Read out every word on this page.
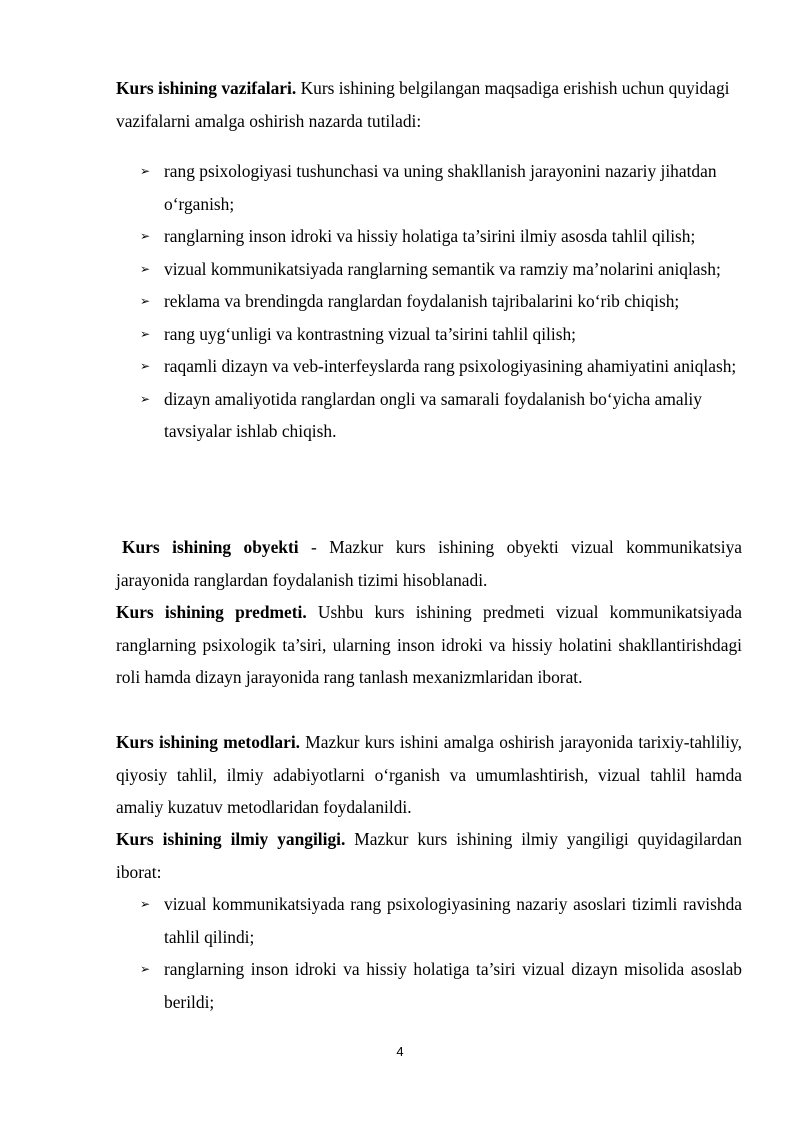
Kurs ishining vazifalari. Kurs ishining belgilangan maqsadiga erishish uchun quyidagi vazifalarni amalga oshirish nazarda tutiladi:

➢ rang psixologiyasi tushunchasi va uning shakllanish jarayonini nazariy jihatdan o‘rganish;
➢ ranglarning inson idroki va hissiy holatiga ta’sirini ilmiy asosda tahlil qilish;
➢ vizual kommunikatsiyada ranglarning semantik va ramziy ma’nolarini aniqlash;
➢ reklama va brendingda ranglardan foydalanish tajribalarini ko‘rib chiqish;
➢ rang uyg‘unligi va kontrastning vizual ta’sirini tahlil qilish;
➢ raqamli dizayn va veb-interfeyslarda rang psixologiyasining ahamiyatini aniqlash;
➢ dizayn amaliyotida ranglardan ongli va samarali foydalanish bo‘yicha amaliy tavsiyalar ishlab chiqish.

Kurs ishining obyekti - Mazkur kurs ishining obyekti vizual kommunikatsiya jarayonida ranglardan foydalanish tizimi hisoblanadi.

Kurs ishining predmeti. Ushbu kurs ishining predmeti vizual kommunikatsiyada ranglarning psixologik ta’siri, ularning inson idroki va hissiy holatini shakllantirishdagi roli hamda dizayn jarayonida rang tanlash mexanizmlaridan iborat.

Kurs ishining metodlari. Mazkur kurs ishini amalga oshirish jarayonida tarixiy-tahliliy, qiyosiy tahlil, ilmiy adabiyotlarni o‘rganish va umumlashtirish, vizual tahlil hamda amaliy kuzatuv metodlaridan foydalanildi.

Kurs ishining ilmiy yangiligi. Mazkur kurs ishining ilmiy yangiligi quyidagilardan iborat:

➢ vizual kommunikatsiyada rang psixologiyasining nazariy asoslari tizimli ravishda tahlil qilindi;
➢ ranglarning inson idroki va hissiy holatiga ta’siri vizual dizayn misolida asoslab berildi;
4
